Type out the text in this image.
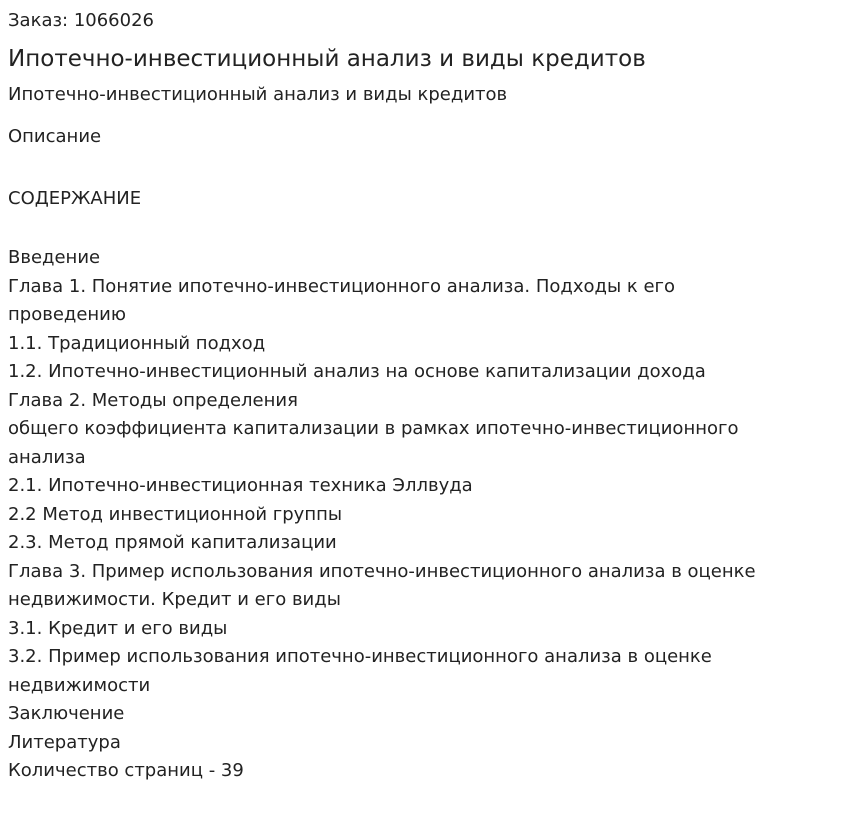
Заказ: 1066026

Ипотечно-инвестиционный анализ и виды кредитов

Ипотечно-инвестиционный анализ и виды кредитов

Описание

СОДЕРЖАНИЕ

Введение
Глава 1. Понятие ипотечно-инвестиционного анализа. Подходы к его
проведению
1.1. Традиционный подход
1.2. Ипотечно-инвестиционный анализ на основе капитализации дохода
Глава 2. Методы определения
общего коэффициента капитализации в рамках ипотечно-инвестиционного
анализа
2.1. Ипотечно-инвестиционная техника Эллвуда
2.2 Метод инвестиционной группы
2.3. Метод прямой капитализации
Глава 3. Пример использования ипотечно-инвестиционного анализа в оценке
недвижимости. Кредит и его виды
3.1. Кредит и его виды
3.2. Пример использования ипотечно-инвестиционного анализа в оценке
недвижимости
Заключение
Литература
Количество страниц - 39
